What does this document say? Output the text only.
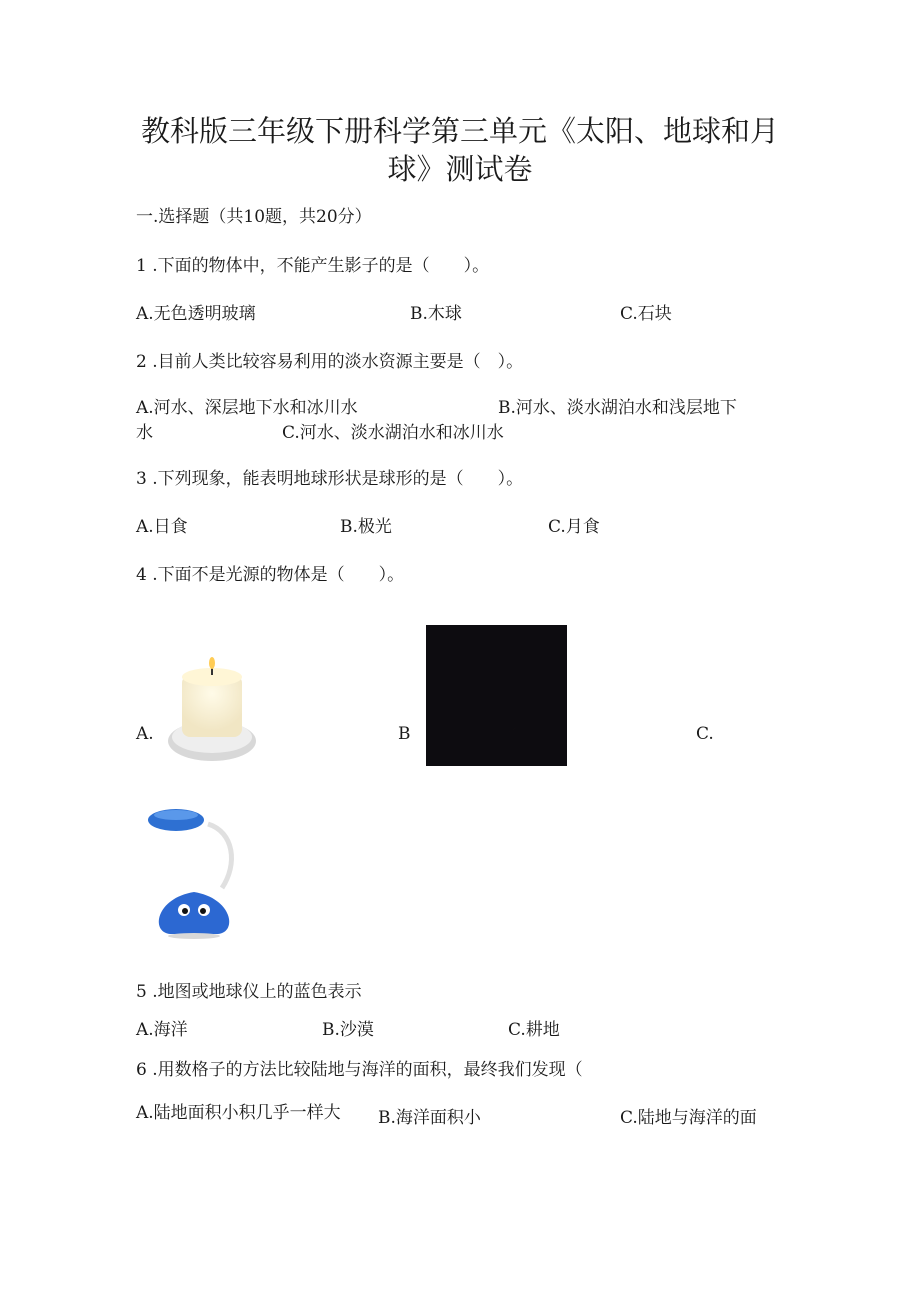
教科版三年级下册科学第三单元《太阳、地球和月
球》测试卷
一.选择题（共10题，共20分）
1 .下面的物体中，不能产生影子的是（　　）。
A.无色透明玻璃	B.木球	C.石块
2 .目前人类比较容易利用的淡水资源主要是（　）。
A.河水、深层地下水和冰川水	B.河水、淡水湖泊水和浅层地下
水	C.河水、淡水湖泊水和冰川水
3 .下列现象，能表明地球形状是球形的是（　　）。
A.日食	B.极光	C.月食
4 .下面不是光源的物体是（　　）。
A.	B	C.
5 .地图或地球仪上的蓝色表示
A.海洋	B.沙漠	C.耕地
6 .用数格子的方法比较陆地与海洋的面积，最终我们发现（
A.陆地面积小积几乎一样大 B.海洋面积小	C.陆地与海洋的面
